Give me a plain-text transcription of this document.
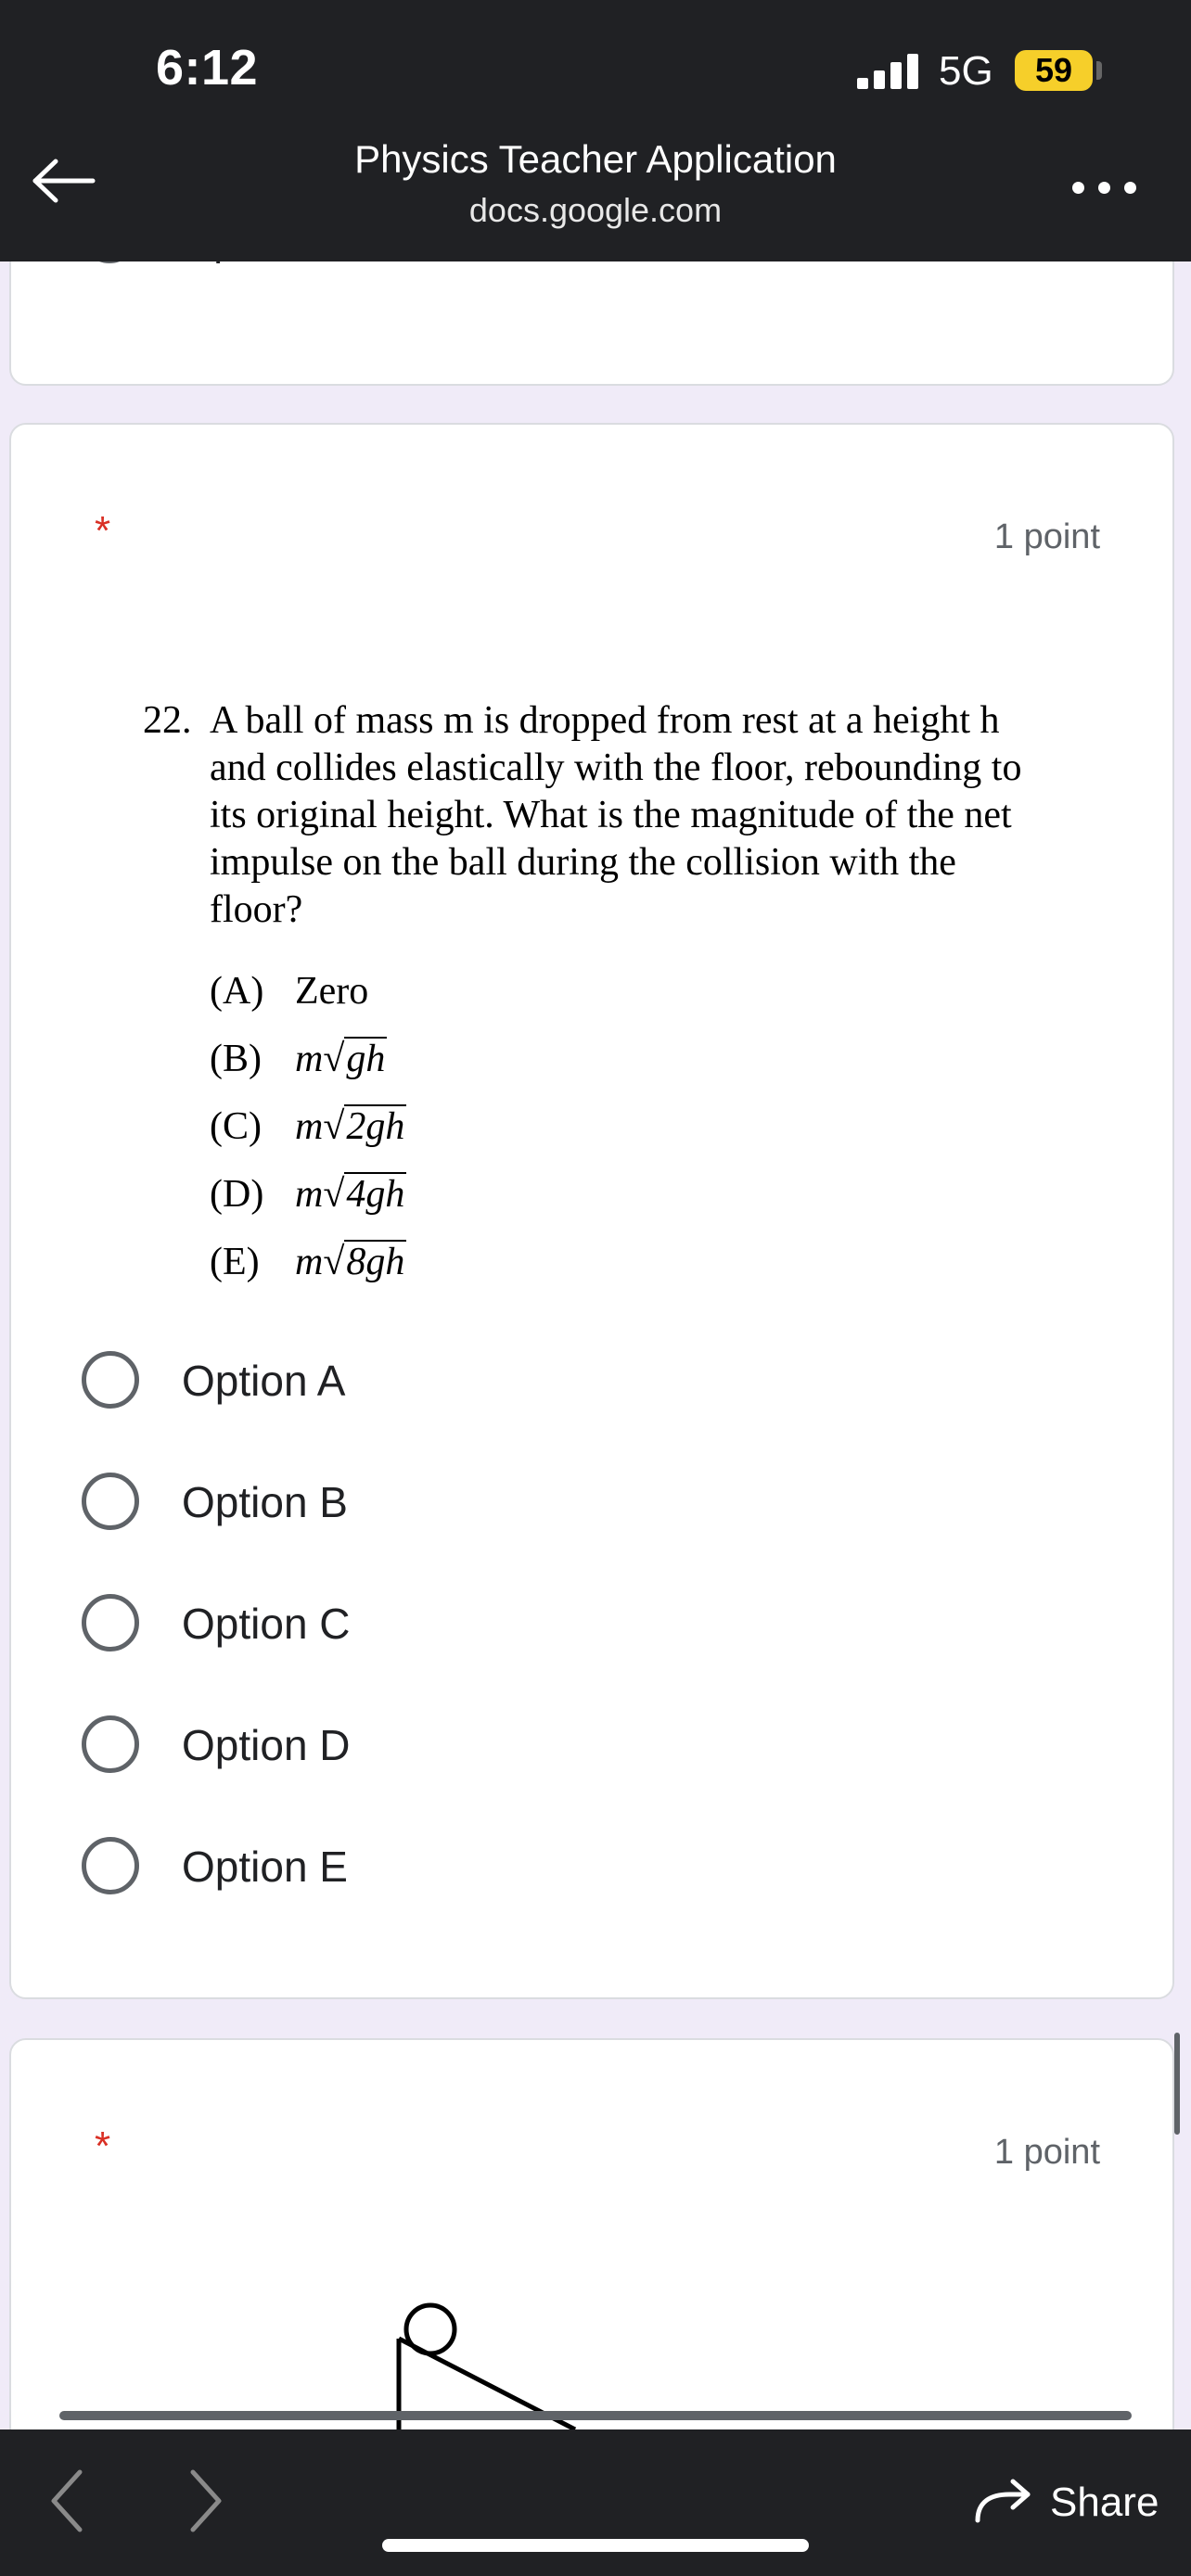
*	1 point
22. A ball of mass m is dropped from rest at a height h and collides elastically with the floor, rebounding to its original height. What is the magnitude of the net impulse on the ball during the collision with the floor?
(A) Zero
(B) m√gh
(C) m√2gh
(D) m√4gh
(E) m√8gh
Option A
Option B
Option C
Option D
Option E
*	1 point
6:12	5G	59
Physics Teacher Application
docs.google.com
Share
